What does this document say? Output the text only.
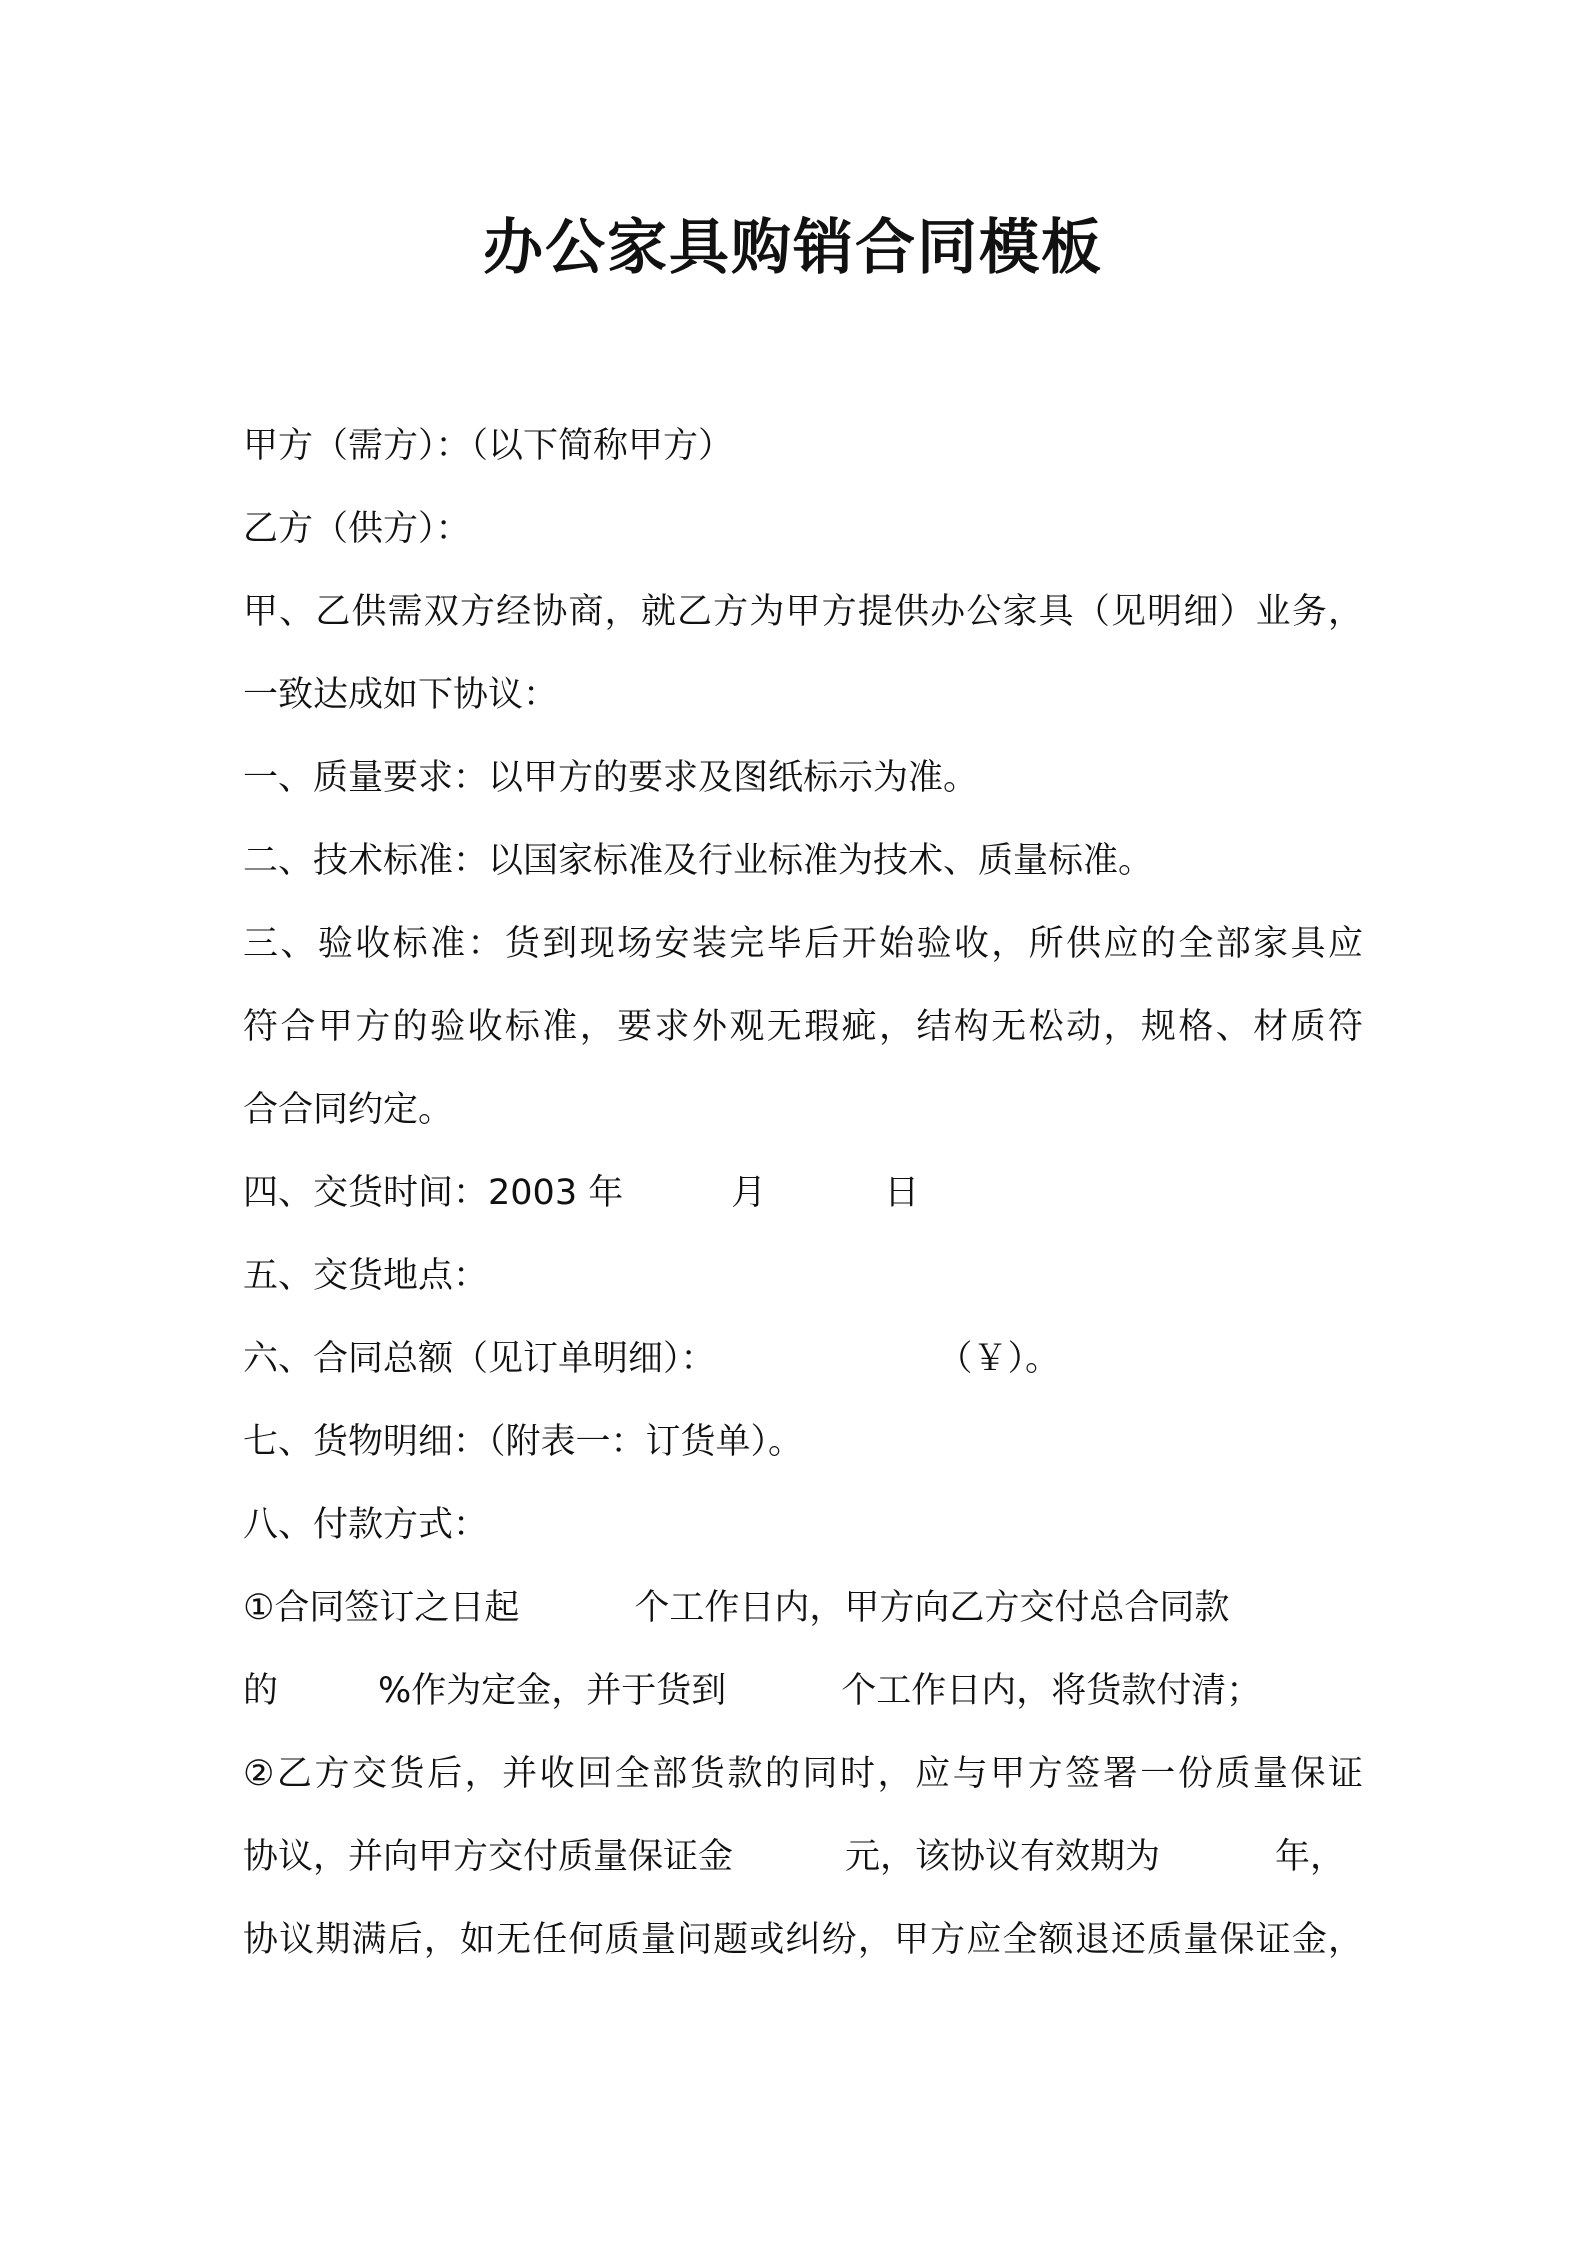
办公家具购销合同模板
甲方（需方）：（以下简称甲方）
乙方（供方）：
甲、乙供需双方经协商，就乙方为甲方提供办公家具（见明细）业务，
一致达成如下协议：
一、质量要求：以甲方的要求及图纸标示为准。
二、技术标准：以国家标准及行业标准为技术、质量标准。
三、验收标准：货到现场安装完毕后开始验收，所供应的全部家具应
符合甲方的验收标准，要求外观无瑕疵，结构无松动，规格、材质符
合合同约定。
四、交货时间：2003 年	月	日
五、交货地点：
六、合同总额（见订单明细）：	（￥）。
七、货物明细：（附表一：订货单）。
八、付款方式：
①合同签订之日起	个工作日内，甲方向乙方交付总合同款
的	%作为定金，并于货到	个工作日内，将货款付清；
②乙方交货后，并收回全部货款的同时，应与甲方签署一份质量保证
协议，并向甲方交付质量保证金	元，该协议有效期为	年，
协议期满后，如无任何质量问题或纠纷，甲方应全额退还质量保证金，
